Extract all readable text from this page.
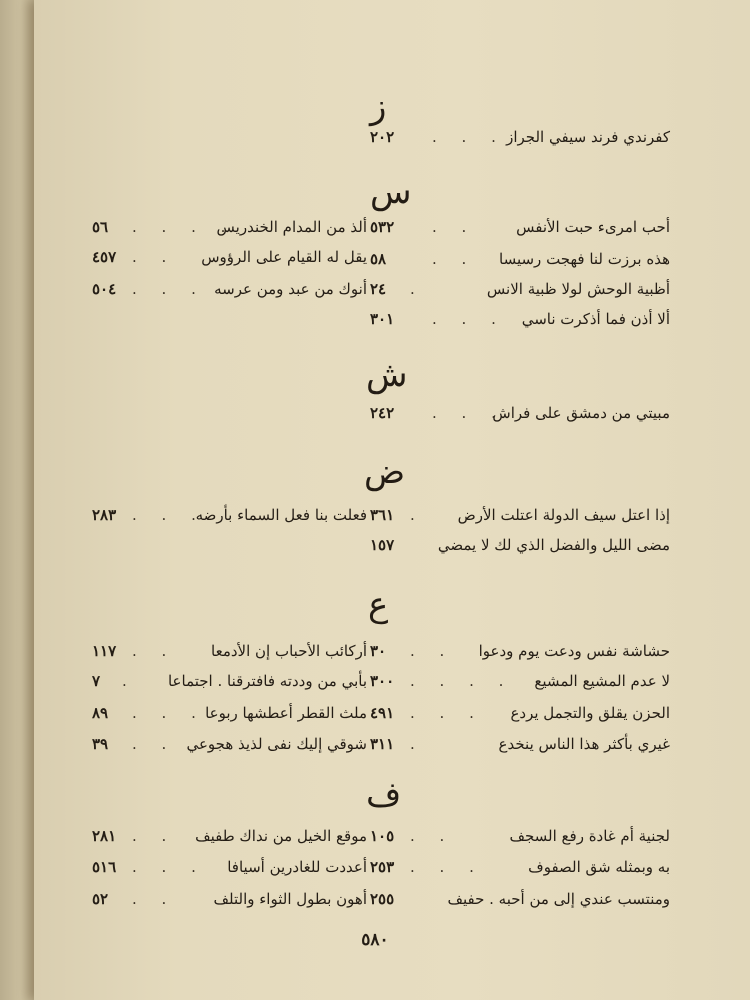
ز
كفرندي فرند سيفي الجراز
. . .
٢٠٢
س
أحب امرىء حبت الأنفس
. .
٥٣٢
هذه برزت لنا فهجت رسيسا
. .
٥٨
أظبية الوحش لولا ظبية الانس
.
٢٤
ألا أذن فما أذكرت ناسي
. . .
٣٠١
ألذ من المدام الخندريس
. . . .
٥٦
يقل له القيام على الرؤوس
. .
٤٥٧
أنوك من عبد ومن عرسه
. . .
٥٠٤
ش
مبيتي من دمشق على فراش
. . .
٢٤٢
ض
إذا اعتل سيف الدولة اعتلت الأرض
.
٣٦١
مضى الليل والفضل الذي لك لا يمضي
١٥٧
فعلت بنا فعل السماء بأرضه
. . .
٢٨٣
ع
حشاشة نفس ودعت يوم ودعوا
. .
٣٠
لا عدم المشيع المشيع
. . . .
٣٠٠
الحزن يقلق والتجمل يردع
. . .
٤٩١
غيري بأكثر هذا الناس ينخدع
.
٣١١
أركائب الأحباب إن الأدمعا
. .
١١٧
بأبي من وددته فافترقنا . اجتماعا
.
٧
ملث القطر أعطشها ربوعا
. . .
٨٩
شوقي إليك نفى لذيذ هجوعي
. .
٣٩
ف
لجنية أم غادة رفع السجف
. .
١٠٥
به وبمثله شق الصفوف
. . .
٢٥٣
ومنتسب عندي إلى من أحبه . حفيف
٢٥٥
موقع الخيل من نداك طفيف
. .
٢٨١
أعددت للغادرين أسيافا
. . .
٥١٦
أهون بطول الثواء والتلف
. .
٥٢
٥٨٠
